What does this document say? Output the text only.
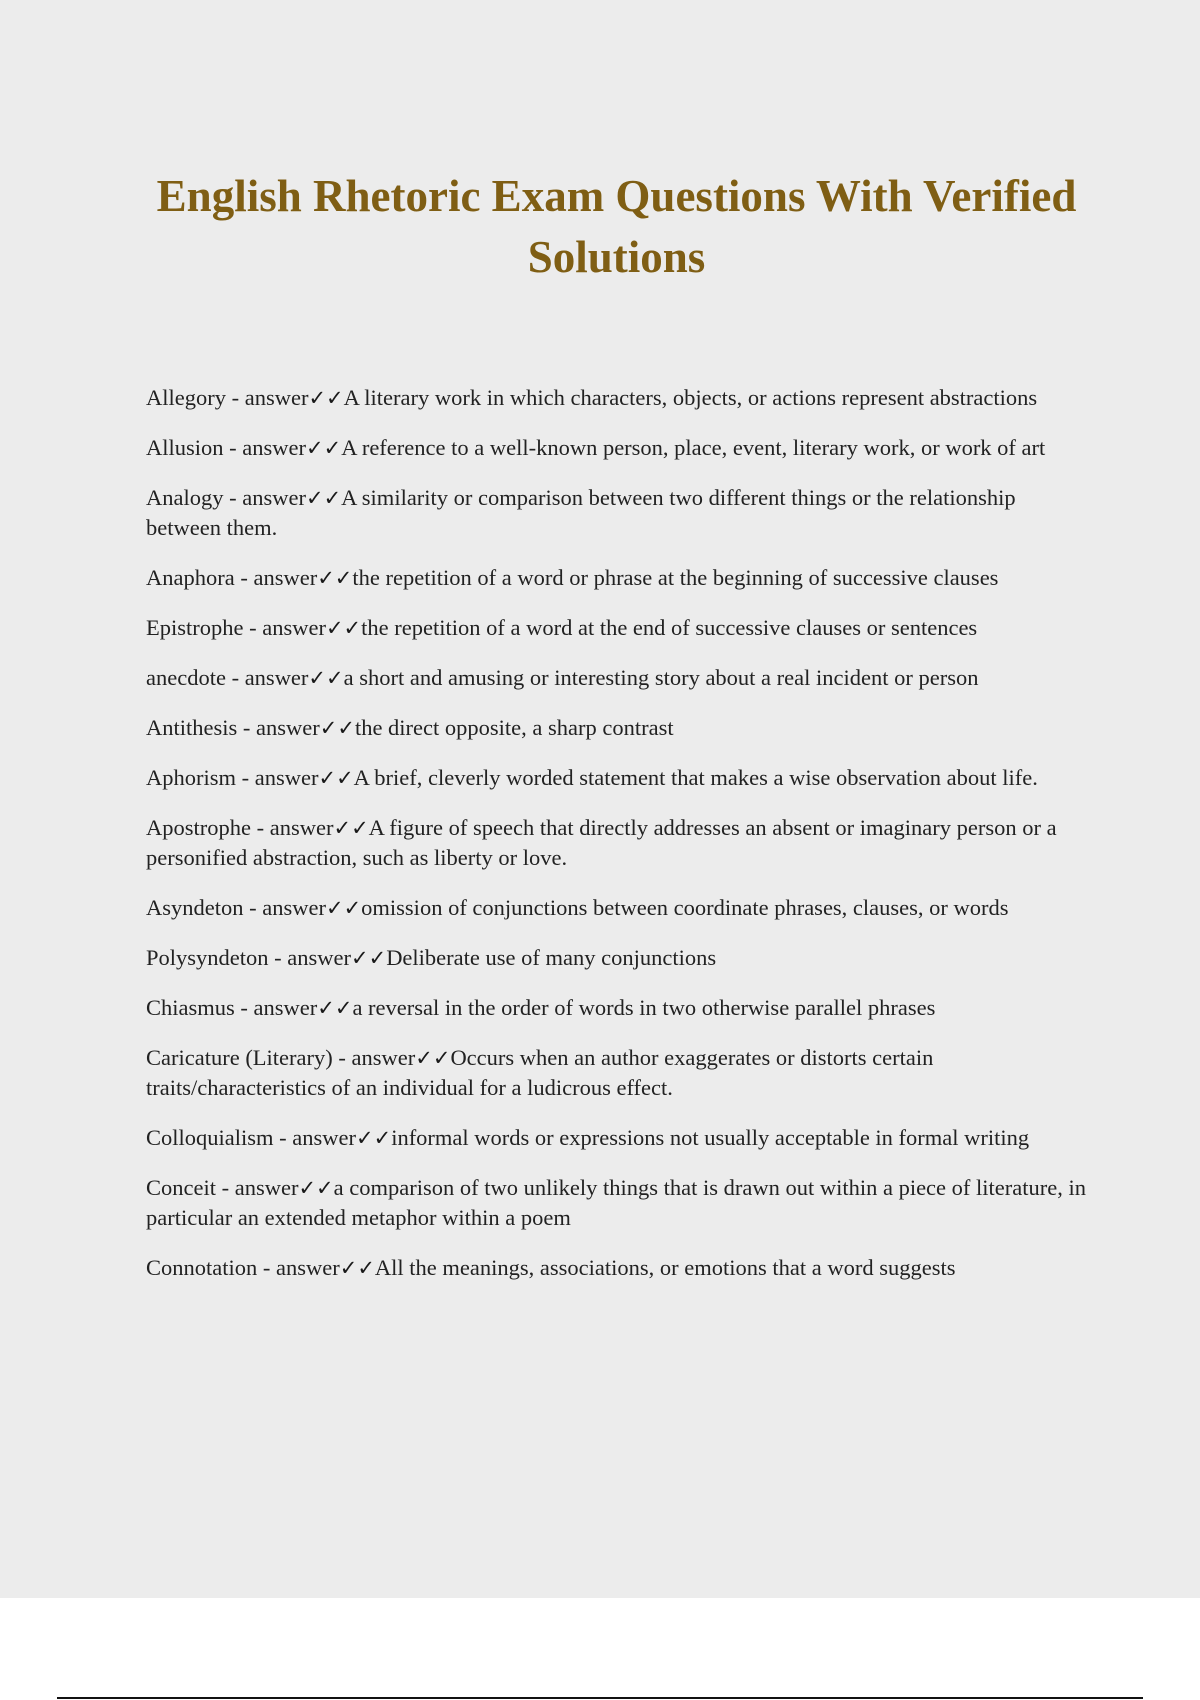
English Rhetoric Exam Questions With Verified Solutions
Allegory - answer✓✓A literary work in which characters, objects, or actions represent abstractions
Allusion - answer✓✓A reference to a well-known person, place, event, literary work, or work of art
Analogy - answer✓✓A similarity or comparison between two different things or the relationship between them.
Anaphora - answer✓✓the repetition of a word or phrase at the beginning of successive clauses
Epistrophe - answer✓✓the repetition of a word at the end of successive clauses or sentences
anecdote - answer✓✓a short and amusing or interesting story about a real incident or person
Antithesis - answer✓✓the direct opposite, a sharp contrast
Aphorism - answer✓✓A brief, cleverly worded statement that makes a wise observation about life.
Apostrophe - answer✓✓A figure of speech that directly addresses an absent or imaginary person or a personified abstraction, such as liberty or love.
Asyndeton - answer✓✓omission of conjunctions between coordinate phrases, clauses, or words
Polysyndeton - answer✓✓Deliberate use of many conjunctions
Chiasmus - answer✓✓a reversal in the order of words in two otherwise parallel phrases
Caricature (Literary) - answer✓✓Occurs when an author exaggerates or distorts certain traits/characteristics of an individual for a ludicrous effect.
Colloquialism - answer✓✓informal words or expressions not usually acceptable in formal writing
Conceit - answer✓✓a comparison of two unlikely things that is drawn out within a piece of literature, in particular an extended metaphor within a poem
Connotation - answer✓✓All the meanings, associations, or emotions that a word suggests
